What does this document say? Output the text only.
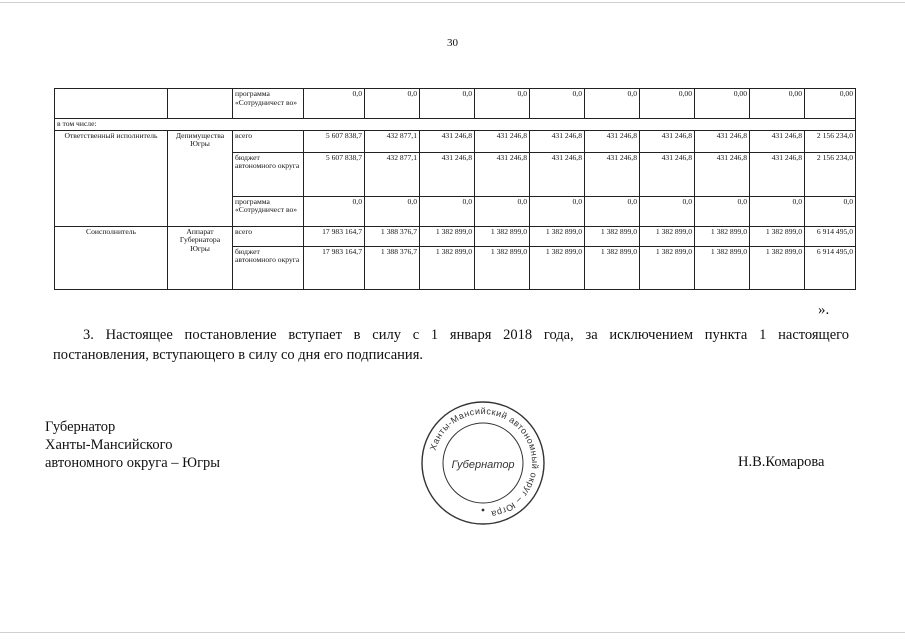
30
		программа «Сотрудничест во»	0,0	0,0	0,0	0,0	0,0	0,0	0,00	0,00	0,00	0,00
в том числе:												
Ответственный исполнитель	Депимущества Югры	всего	5 607 838,7	432 877,1	431 246,8	431 246,8	431 246,8	431 246,8	431 246,8	431 246,8	431 246,8	2 156 234,0
		бюджет автономного округа	5 607 838,7	432 877,1	431 246,8	431 246,8	431 246,8	431 246,8	431 246,8	431 246,8	431 246,8	2 156 234,0
		программа «Сотрудничест во»	0,0	0,0	0,0	0,0	0,0	0,0	0,0	0,0	0,0	0,0
Соисполнитель	Аппарат Губернатора Югры	всего	17 983 164,7	1 388 376,7	1 382 899,0	1 382 899,0	1 382 899,0	1 382 899,0	1 382 899,0	1 382 899,0	1 382 899,0	6 914 495,0
		бюджет автономного округа	17 983 164,7	1 388 376,7	1 382 899,0	1 382 899,0	1 382 899,0	1 382 899,0	1 382 899,0	1 382 899,0	1 382 899,0	6 914 495,0
».
3. Настоящее постановление вступает в силу с 1 января 2018 года, за исключением пункта 1 настоящего
постановления, вступающего в силу со дня его подписания.
Губернатор
Ханты-Мансийского
автономного округа – Югры
Ханты-Мансийский автономный округ – Югра
Губернатор	Н.В.Комарова
